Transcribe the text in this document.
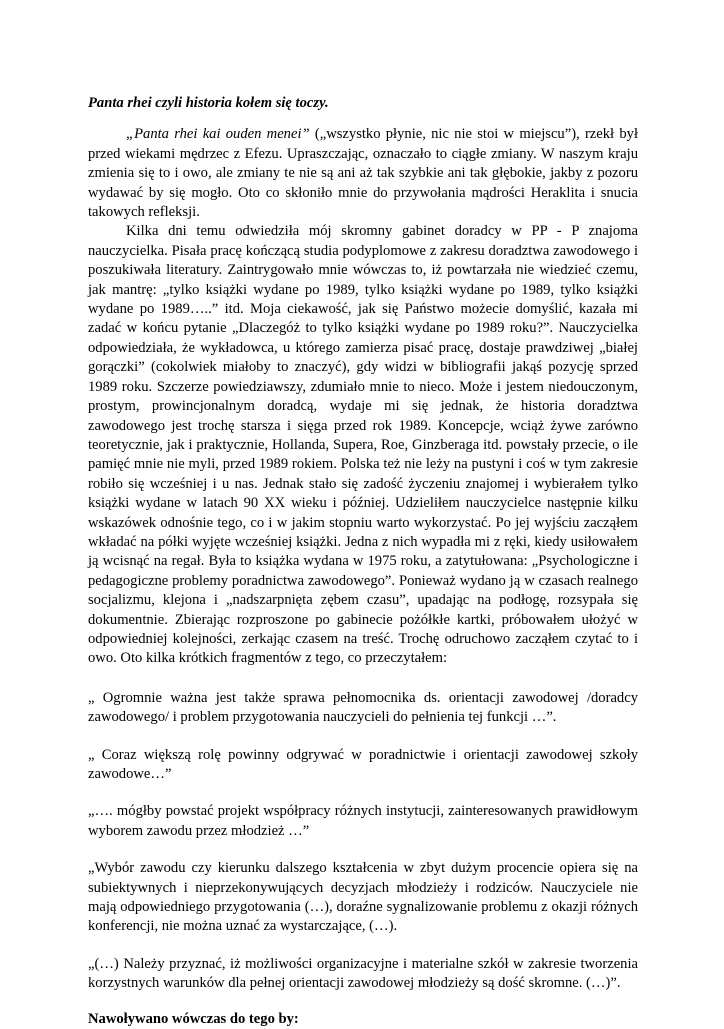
Panta rhei czyli historia kołem się toczy.

„Panta rhei kai ouden menei” („wszystko płynie, nic nie stoi w miejscu”), rzekł był przed wiekami mędrzec z Efezu. Upraszczając, oznaczało to ciągłe zmiany. W naszym kraju zmienia się to i owo, ale zmiany te nie są ani aż tak szybkie ani tak głębokie, jakby z pozoru wydawać by się mogło. Oto co skłoniło mnie do przywołania mądrości Heraklita i snucia takowych refleksji.

Kilka dni temu odwiedziła mój skromny gabinet doradcy w PP - P znajoma nauczycielka. Pisała pracę kończącą studia podyplomowe z zakresu doradztwa zawodowego i poszukiwała literatury. Zaintrygowało mnie wówczas to, iż powtarzała nie wiedzieć czemu, jak mantrę: „tylko książki wydane po 1989, tylko książki wydane po 1989, tylko książki wydane po 1989…..” itd. Moja ciekawość, jak się Państwo możecie domyślić, kazała mi zadać w końcu pytanie „Dlaczegóż to tylko książki wydane po 1989 roku?”. Nauczycielka odpowiedziała, że wykładowca, u którego zamierza pisać pracę, dostaje prawdziwej „białej gorączki” (cokolwiek miałoby to znaczyć), gdy widzi w bibliografii jakąś pozycję sprzed 1989 roku. Szczerze powiedziawszy, zdumiało mnie to nieco. Może i jestem niedouczonym, prostym, prowincjonalnym doradcą, wydaje mi się jednak, że historia doradztwa zawodowego jest trochę starsza i sięga przed rok 1989. Koncepcje, wciąż żywe zarówno teoretycznie, jak i praktycznie, Hollanda, Supera, Roe, Ginzberaga itd. powstały przecie, o ile pamięć mnie nie myli, przed 1989 rokiem. Polska też nie leży na pustyni i coś w tym zakresie robiło się wcześniej i u nas. Jednak stało się zadość życzeniu znajomej i wybierałem tylko książki wydane w latach 90 XX wieku i później. Udzieliłem nauczycielce następnie kilku wskazówek odnośnie tego, co i w jakim stopniu warto wykorzystać. Po jej wyjściu zacząłem wkładać na półki wyjęte wcześniej książki. Jedna z nich wypadła mi z ręki, kiedy usiłowałem ją wcisnąć na regał. Była to książka wydana w 1975 roku, a zatytułowana: „Psychologiczne i pedagogiczne problemy poradnictwa zawodowego”. Ponieważ wydano ją w czasach realnego socjalizmu, klejona i „nadszarpnięta zębem czasu”, upadając na podłogę, rozsypała się dokumentnie. Zbierając rozproszone po gabinecie pożółkłe kartki, próbowałem ułożyć w odpowiedniej kolejności, zerkając czasem na treść. Trochę odruchowo zacząłem czytać to i owo. Oto kilka krótkich fragmentów z tego, co przeczytałem:

„ Ogromnie ważna jest także sprawa pełnomocnika ds. orientacji zawodowej /doradcy zawodowego/ i problem przygotowania nauczycieli do pełnienia tej funkcji …”.

„ Coraz większą rolę powinny odgrywać w poradnictwie i orientacji zawodowej szkoły zawodowe…”

„…. mógłby powstać projekt współpracy różnych instytucji, zainteresowanych prawidłowym wyborem zawodu przez młodzież …”

„Wybór zawodu czy kierunku dalszego kształcenia w zbyt dużym procencie opiera się na subiektywnych i nieprzekonywujących decyzjach młodzieży i rodziców. Nauczyciele nie mają odpowiedniego przygotowania (…), doraźne sygnalizowanie problemu z okazji różnych konferencji, nie można uznać za wystarczające, (…).

„(…) Należy przyznać, iż możliwości organizacyjne i materialne szkół w zakresie tworzenia korzystnych warunków dla pełnej orientacji zawodowej młodzieży są dość skromne. (…)”.

Nawoływano wówczas do tego by:
